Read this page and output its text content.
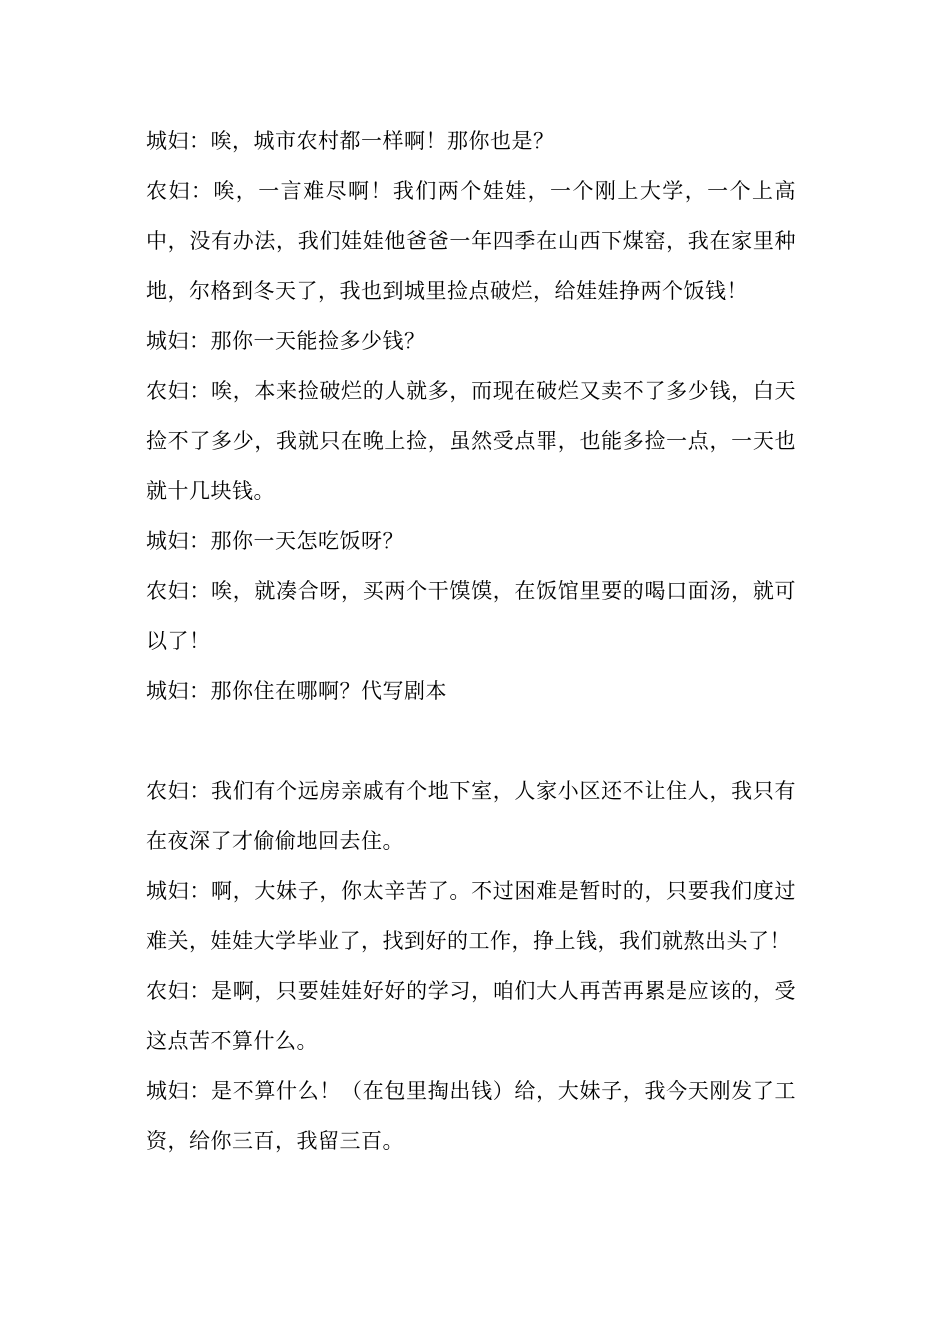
城妇：唉，城市农村都一样啊！那你也是？

农妇：唉，一言难尽啊！我们两个娃娃，一个刚上大学，一个上高中，没有办法，我们娃娃他爸爸一年四季在山西下煤窑，我在家里种地，尔格到冬天了，我也到城里捡点破烂，给娃娃挣两个饭钱！

城妇：那你一天能捡多少钱？

农妇：唉，本来捡破烂的人就多，而现在破烂又卖不了多少钱，白天捡不了多少，我就只在晚上捡，虽然受点罪，也能多捡一点，一天也就十几块钱。

城妇：那你一天怎吃饭呀？

农妇：唉，就凑合呀，买两个干馍馍，在饭馆里要的喝口面汤，就可以了！

城妇：那你住在哪啊？代写剧本

农妇：我们有个远房亲戚有个地下室，人家小区还不让住人，我只有在夜深了才偷偷地回去住。

城妇：啊，大妹子，你太辛苦了。不过困难是暂时的，只要我们度过难关，娃娃大学毕业了，找到好的工作，挣上钱，我们就熬出头了！

农妇：是啊，只要娃娃好好的学习，咱们大人再苦再累是应该的，受这点苦不算什么。

城妇：是不算什么！（在包里掏出钱）给，大妹子，我今天刚发了工资，给你三百，我留三百。
